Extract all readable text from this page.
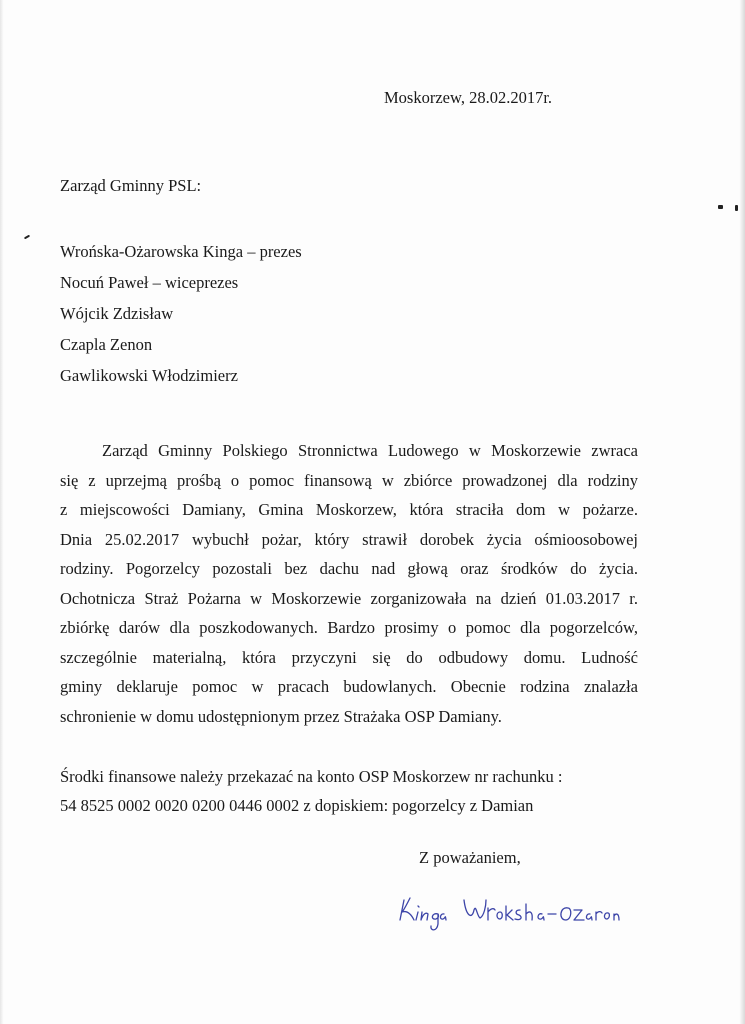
Moskorzew, 28.02.2017r.
Zarząd Gminny PSL:
Wrońska-Ożarowska Kinga – prezes
Nocuń Paweł – wiceprezes
Wójcik Zdzisław
Czapla Zenon
Gawlikowski Włodzimierz
Zarząd Gminny Polskiego Stronnictwa Ludowego w Moskorzewie zwraca
się z uprzejmą prośbą o pomoc finansową w zbiórce prowadzonej dla rodziny
z miejscowości Damiany, Gmina Moskorzew, która straciła dom w pożarze.
Dnia 25.02.2017 wybuchł pożar, który strawił dorobek życia ośmioosobowej
rodziny. Pogorzelcy pozostali bez dachu nad głową oraz środków do życia.
Ochotnicza Straż Pożarna w Moskorzewie zorganizowała na dzień 01.03.2017 r.
zbiórkę darów dla poszkodowanych. Bardzo prosimy o pomoc dla pogorzelców,
szczególnie materialną, która przyczyni się do odbudowy domu. Ludność
gminy deklaruje pomoc w pracach budowlanych. Obecnie rodzina znalazła
schronienie w domu udostępnionym przez Strażaka OSP Damiany.
Środki finansowe należy przekazać na konto OSP Moskorzew nr rachunku :
54 8525 0002 0020 0200 0446 0002 z dopiskiem: pogorzelcy z Damian
Z poważaniem,
